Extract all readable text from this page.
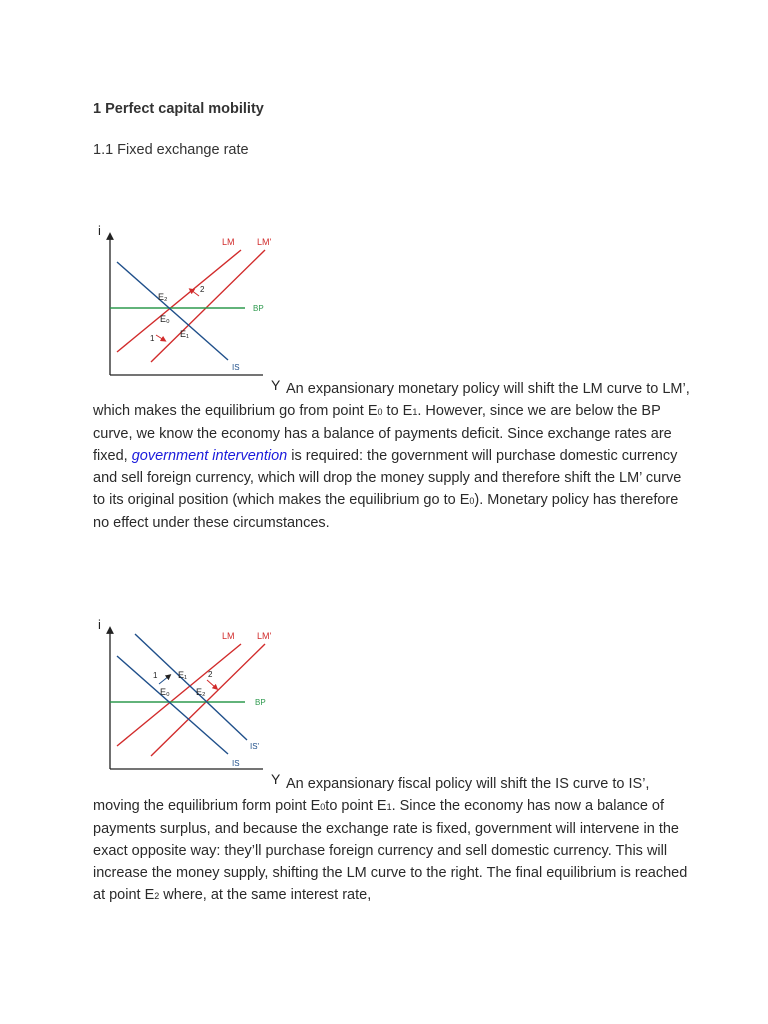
1 Perfect capital mobility
1.1 Fixed exchange rate
i
Y
LM LM'
BP
IS
E₂
E₀
E₁
1
2

An expansionary monetary policy will shift the LM curve to LM’, which makes the equilibrium go from point E0 to E1. However, since we are below the BP curve, we know the economy has a balance of payments deficit. Since exchange rates are fixed, government intervention is required: the government will purchase domestic currency and sell foreign currency, which will drop the money supply and therefore shift the LM’ curve to its original position (which makes the equilibrium go to E0). Monetary policy has therefore no effect under these circumstances.

i
Y
LM LM'
BP
IS
IS'
E₁
E₀	E₂
1	2

An expansionary fiscal policy will shift the IS curve to IS’, moving the equilibrium form point E0to point E1. Since the economy has now a balance of payments surplus, and because the exchange rate is fixed, government will intervene in the exact opposite way: they’ll purchase foreign currency and sell domestic currency. This will increase the money supply, shifting the LM curve to the right. The final equilibrium is reached at point E2 where, at the same interest rate,
